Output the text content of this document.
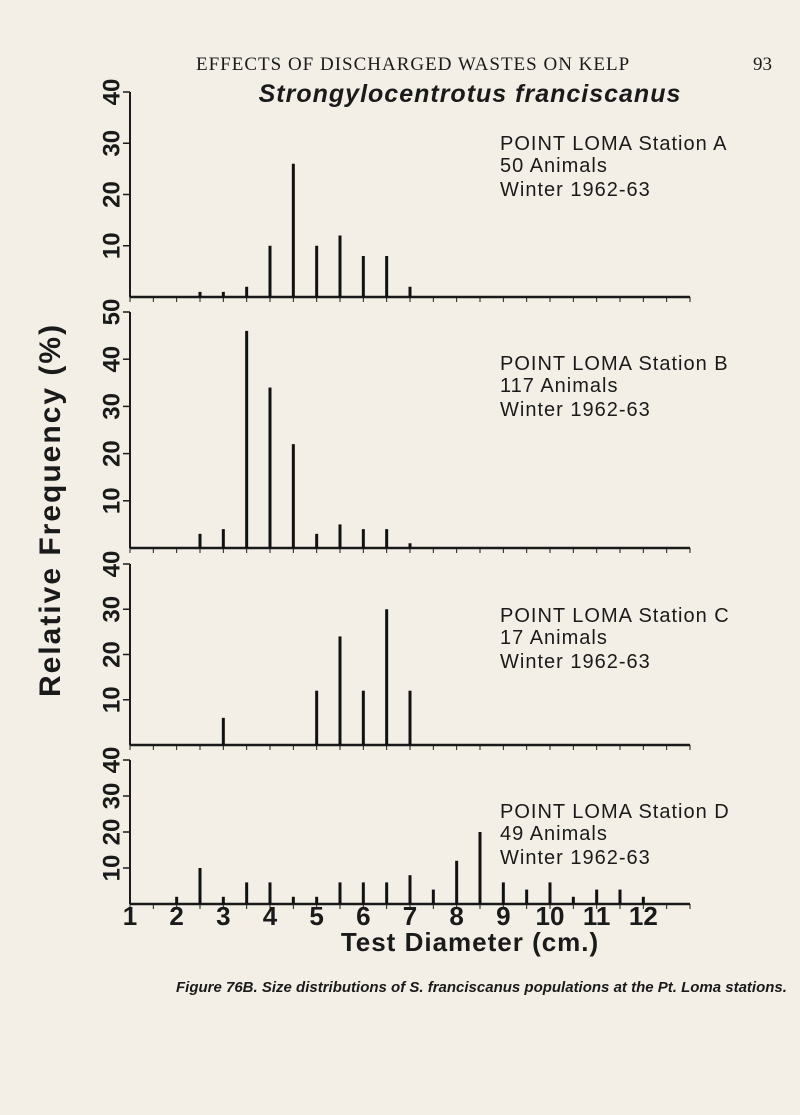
EFFECTS OF DISCHARGED WASTES ON KELP	93
Strongylocentrotus franciscanus
Relative Frequency (%)
10
20
30
40
POINT LOMA Station A
50 Animals
Winter 1962-63
10
20
30
40
50
POINT LOMA Station B
117 Animals
Winter 1962-63
10
20
30
40
POINT LOMA Station C
17 Animals
Winter 1962-63
10
20
30
40
POINT LOMA Station D
49 Animals
Winter 1962-63
1 2 3 4 5 6 7 8 9 10 11 12
Test Diameter (cm.)
Figure 76B. Size distributions of S. franciscanus populations at the Pt. Loma stations.
